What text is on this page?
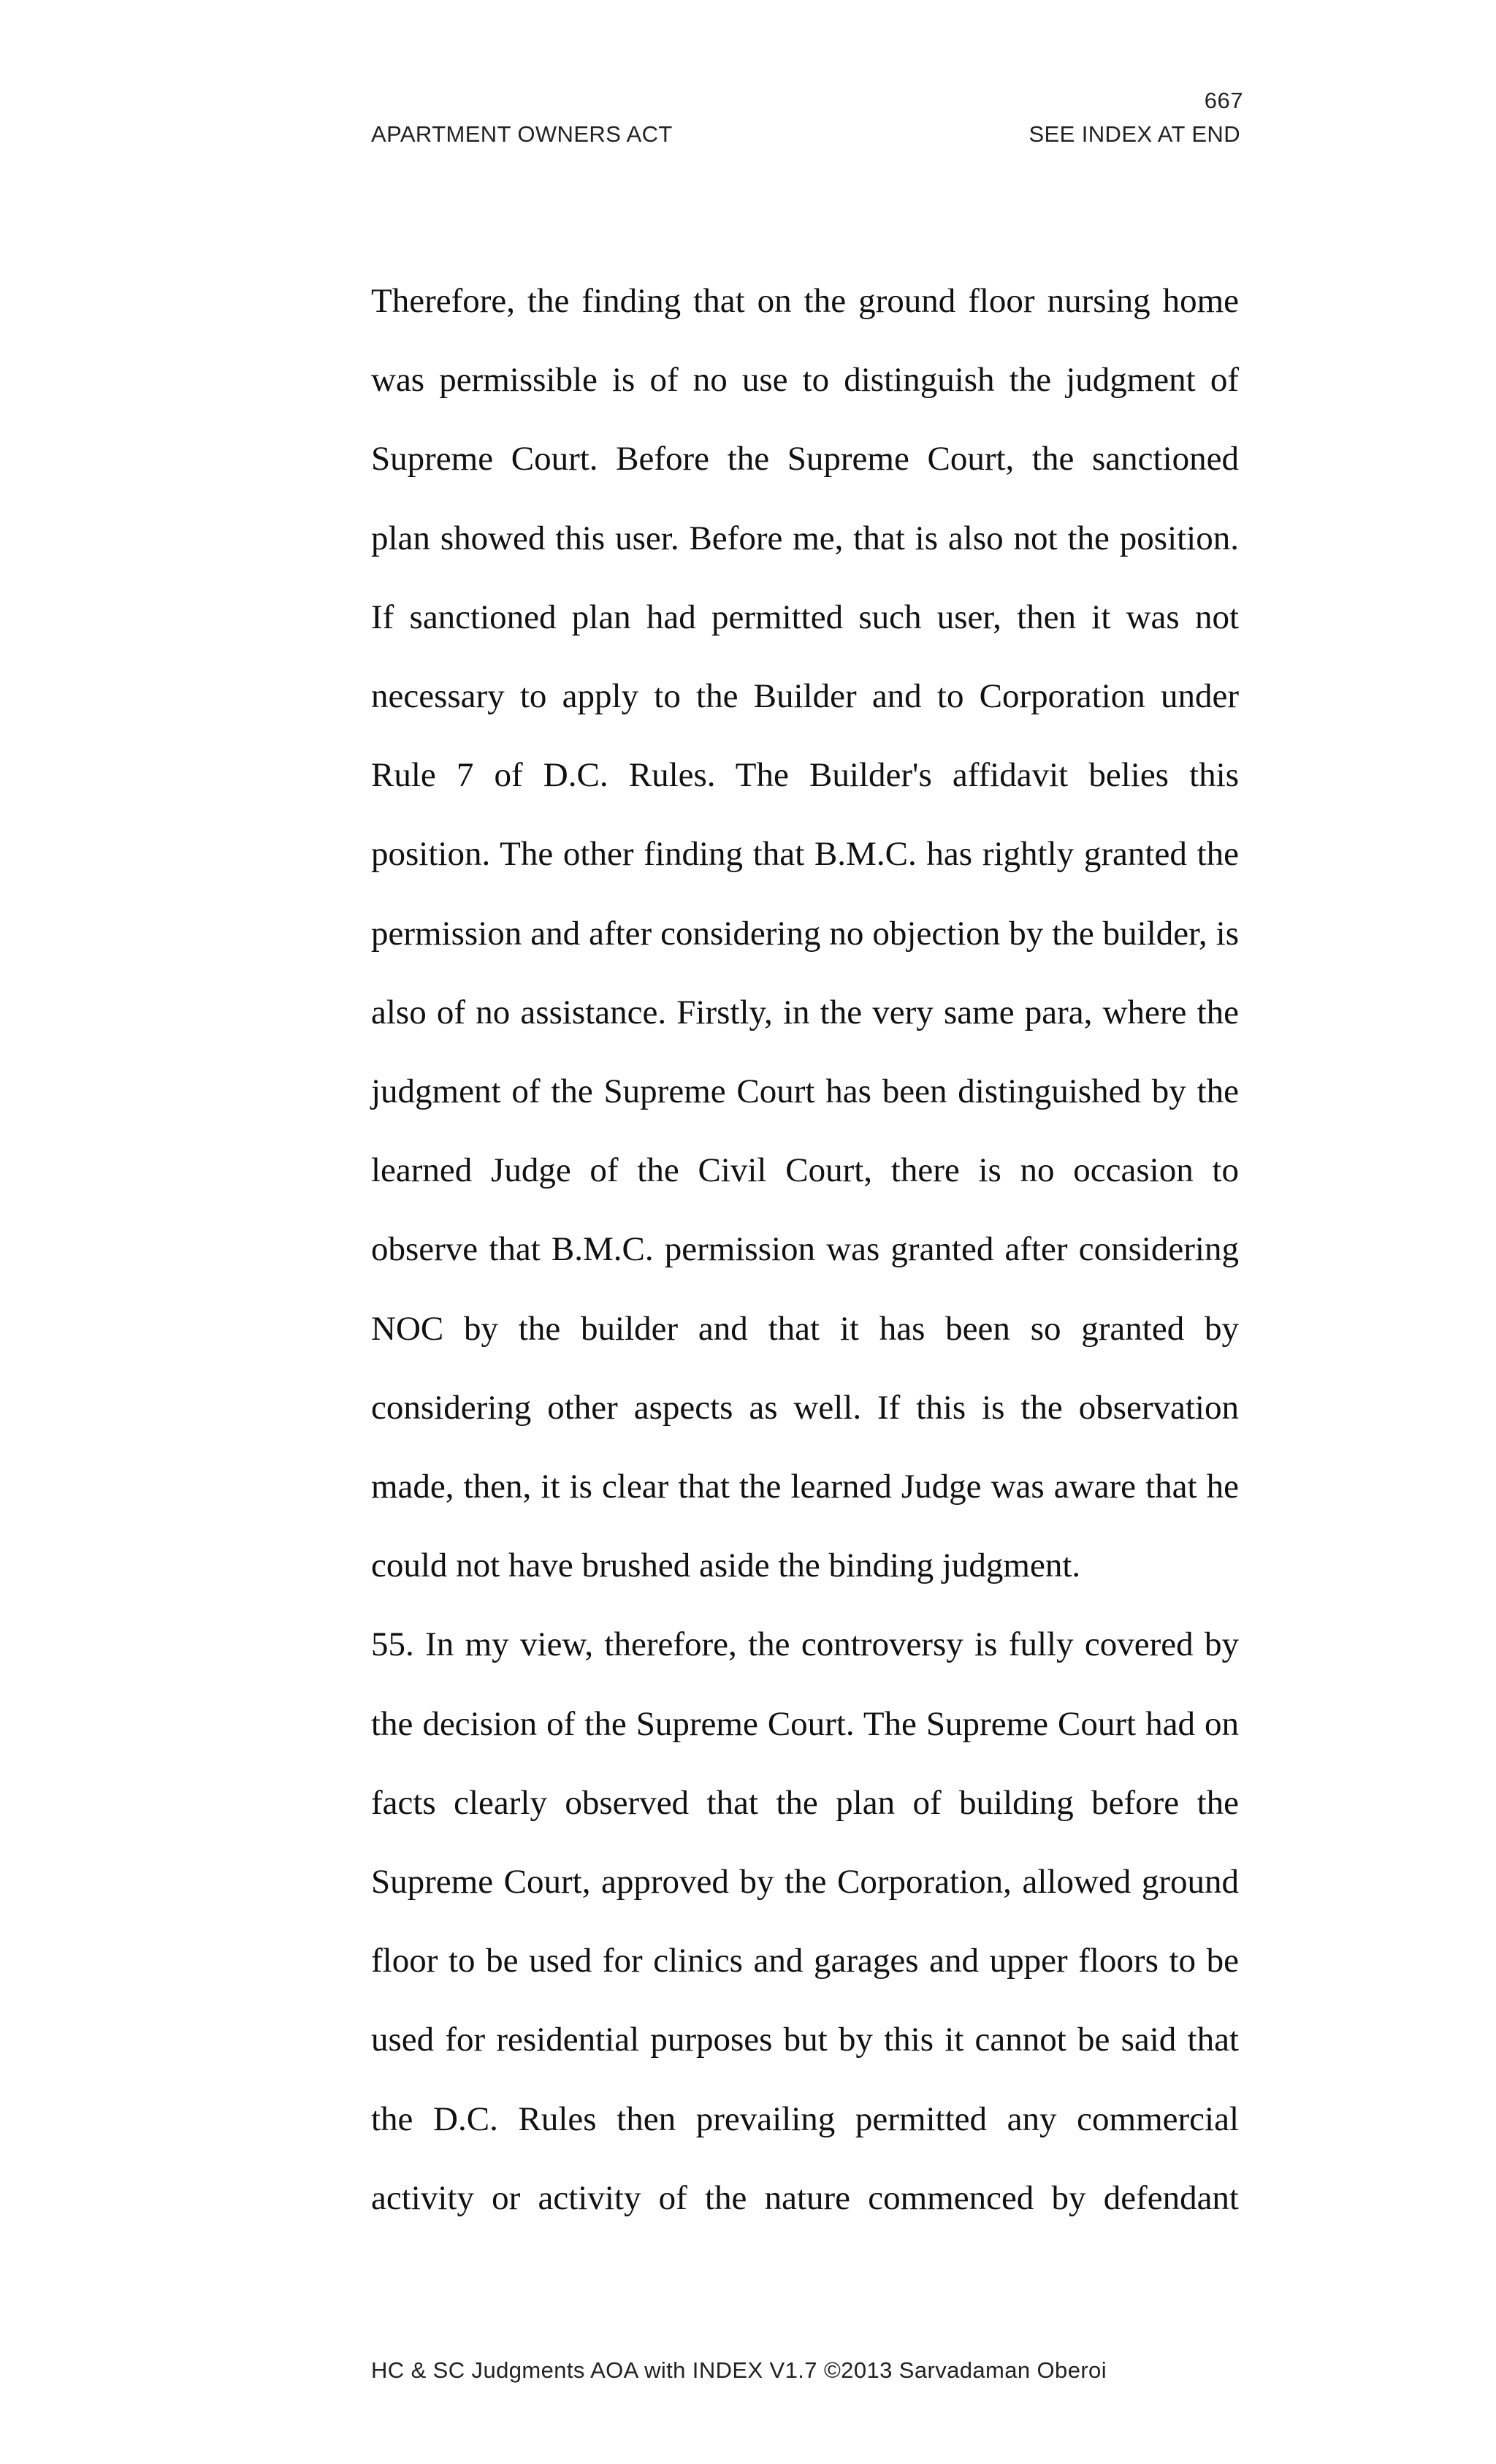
667
APARTMENT OWNERS ACT	SEE INDEX AT END

Therefore, the finding that on the ground floor nursing home was permissible is of no use to distinguish the judgment of Supreme Court. Before the Supreme Court, the sanctioned plan showed this user. Before me, that is also not the position. If sanctioned plan had permitted such user, then it was not necessary to apply to the Builder and to Corporation under Rule 7 of D.C. Rules. The Builder's affidavit belies this position. The other finding that B.M.C. has rightly granted the permission and after considering no objection by the builder, is also of no assistance. Firstly, in the very same para, where the judgment of the Supreme Court has been distinguished by the learned Judge of the Civil Court, there is no occasion to observe that B.M.C. permission was granted after considering NOC by the builder and that it has been so granted by considering other aspects as well. If this is the observation made, then, it is clear that the learned Judge was aware that he could not have brushed aside the binding judgment.

55. In my view, therefore, the controversy is fully covered by the decision of the Supreme Court. The Supreme Court had on facts clearly observed that the plan of building before the Supreme Court, approved by the Corporation, allowed ground floor to be used for clinics and garages and upper floors to be used for residential purposes but by this it cannot be said that the D.C. Rules then prevailing permitted any commercial activity or activity of the nature commenced by defendant

HC & SC Judgments AOA with INDEX V1.7 ©2013 Sarvadaman Oberoi
